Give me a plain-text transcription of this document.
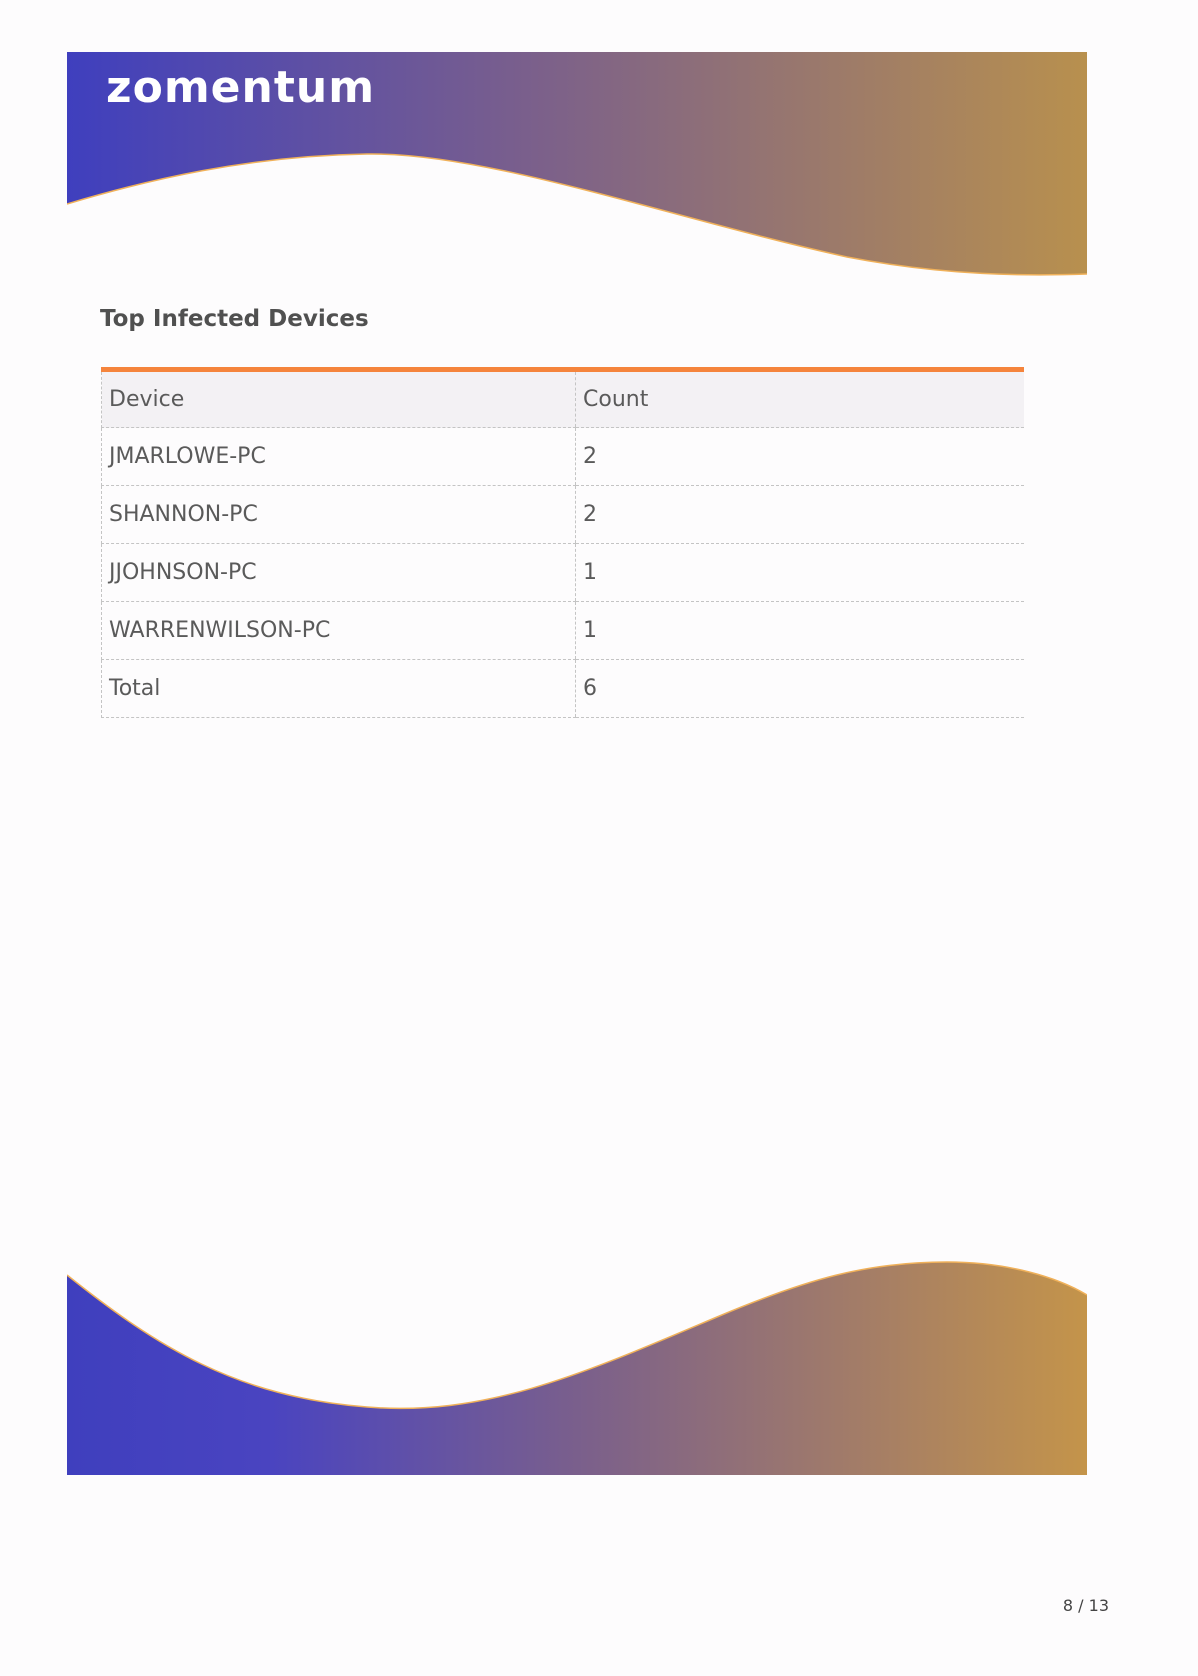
zomentum
Top Infected Devices
Device	Count
JMARLOWE-PC	2
SHANNON-PC	2
JJOHNSON-PC	1
WARRENWILSON-PC	1
Total	6
8 / 13
